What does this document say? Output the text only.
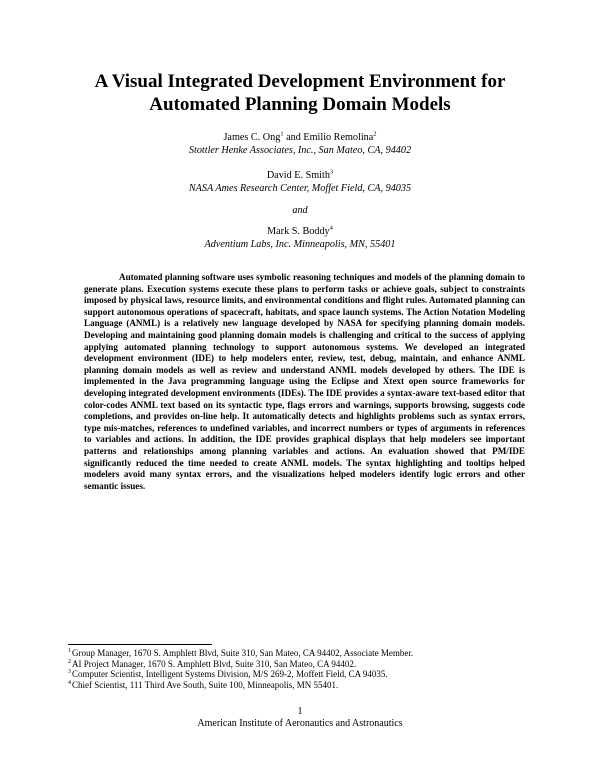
A Visual Integrated Development Environment for
Automated Planning Domain Models
James C. Ong$^1$ and Emilio Remolina$^2$
Stottler Henke Associates, Inc., San Mateo, CA, 94402
David E. Smith$^3$
NASA Ames Research Center, Moffet Field, CA, 94035
and
Mark S. Boddy$^4$
Adventium Labs, Inc. Minneapolis, MN, 55401

Automated planning software uses symbolic reasoning techniques and models of the planning domain to generate plans. Execution systems execute these plans to perform tasks or achieve goals, subject to constraints imposed by physical laws, resource limits, and environmental conditions and flight rules. Automated planning can support autonomous operations of spacecraft, habitats, and space launch systems. The Action Notation Modeling Language (ANML) is a relatively new language developed by NASA for specifying planning domain models. Developing and maintaining good planning domain models is challenging and critical to the success of applying applying automated planning technology to support autonomous systems. We developed an integrated development environment (IDE) to help modelers enter, review, test, debug, maintain, and enhance ANML planning domain models as well as review and understand ANML models developed by others. The IDE is implemented in the Java programming language using the Eclipse and Xtext open source frameworks for developing integrated development environments (IDEs). The IDE provides a syntax-aware text-based editor that color-codes ANML text based on its syntactic type, flags errors and warnings, supports browsing, suggests code completions, and provides on-line help. It automatically detects and highlights problems such as syntax errors, type mis-matches, references to undefined variables, and incorrect numbers or types of arguments in references to variables and actions. In addition, the IDE provides graphical displays that help modelers see important patterns and relationships among planning variables and actions. An evaluation showed that PM/IDE significantly reduced the time needed to create ANML models. The syntax highlighting and tooltips helped modelers avoid many syntax errors, and the visualizations helped modelers identify logic errors and other semantic issues.

$^1$Group Manager, 1670 S. Amphlett Blvd, Suite 310, San Mateo, CA 94402, Associate Member.
$^2$AI Project Manager, 1670 S. Amphlett Blvd, Suite 310, San Mateo, CA 94402.
$^3$Computer Scientist, Intelligent Systems Division, M/S 269-2, Moffett Field, CA 94035.
$^4$Chief Scientist, 111 Third Ave South, Suite 100, Minneapolis, MN 55401.
1
American Institute of Aeronautics and Astronautics
